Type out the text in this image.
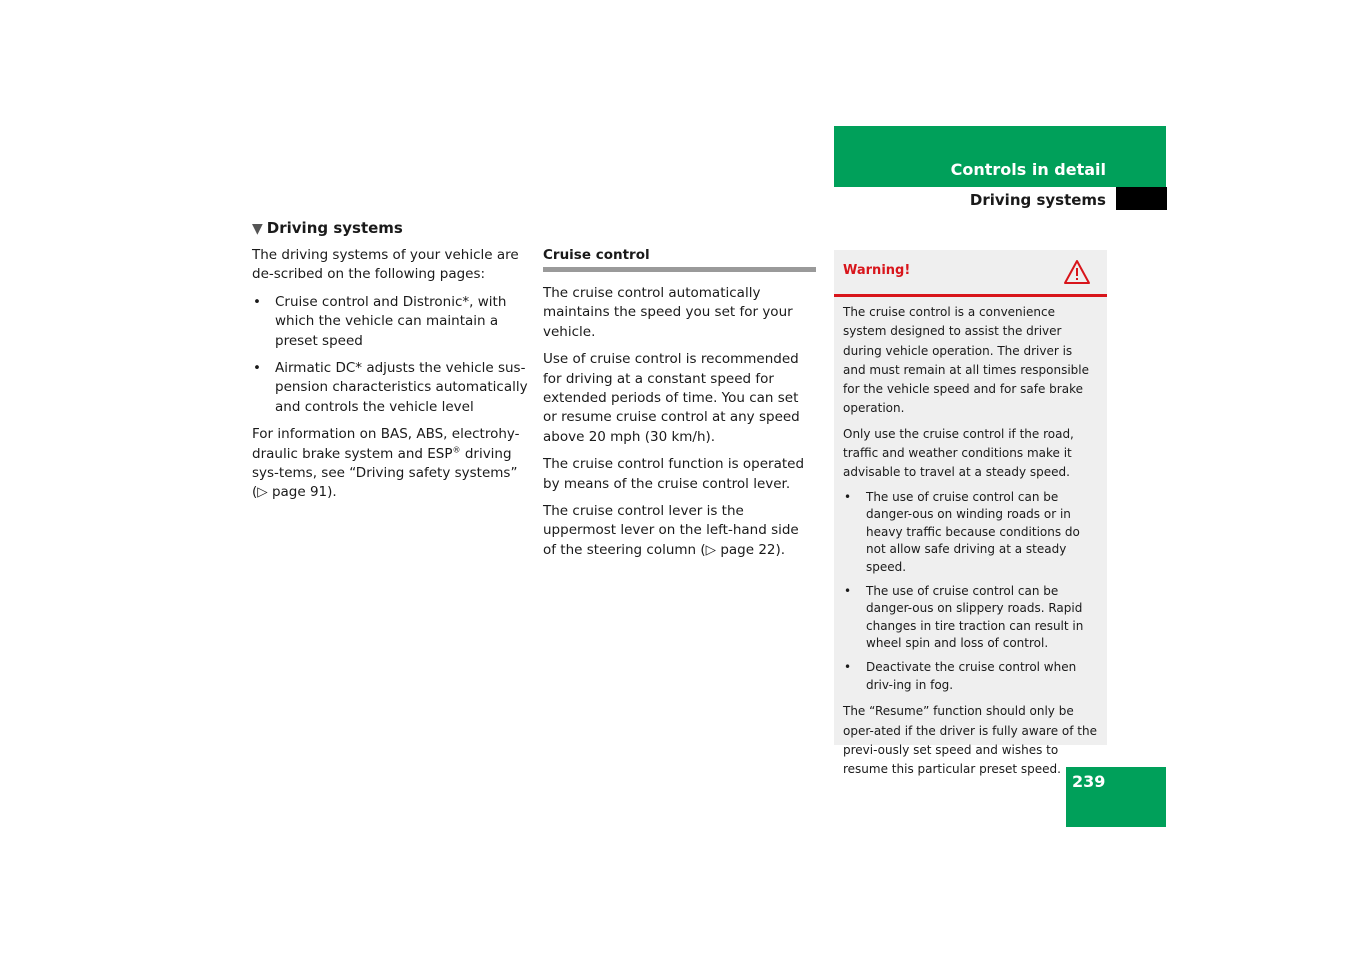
Controls in detail
Driving systems
▼ Driving systems

The driving systems of your vehicle are de-scribed on the following pages:

• Cruise control and Distronic*, with which the vehicle can maintain a preset speed
• Airmatic DC* adjusts the vehicle sus-pension characteristics automatically and controls the vehicle level

For information on BAS, ABS, electrohy-draulic brake system and ESP® driving sys-tems, see “Driving safety systems”
(▷ page 91).

Cruise control

The cruise control automatically maintains the speed you set for your vehicle.

Use of cruise control is recommended for driving at a constant speed for extended periods of time. You can set or resume cruise control at any speed above 20 mph (30 km/h).

The cruise control function is operated by means of the cruise control lever.

The cruise control lever is the uppermost lever on the left-hand side of the steering column (▷ page 22).

Warning!

The cruise control is a convenience system designed to assist the driver during vehicle operation. The driver is and must remain at all times responsible for the vehicle speed and for safe brake operation.

Only use the cruise control if the road, traffic and weather conditions make it advisable to travel at a steady speed.

• The use of cruise control can be danger-ous on winding roads or in heavy traffic because conditions do not allow safe driving at a steady speed.
• The use of cruise control can be danger-ous on slippery roads. Rapid changes in tire traction can result in wheel spin and loss of control.
• Deactivate the cruise control when driv-ing in fog.

The “Resume” function should only be oper-ated if the driver is fully aware of the previ-ously set speed and wishes to resume this particular preset speed.

239
